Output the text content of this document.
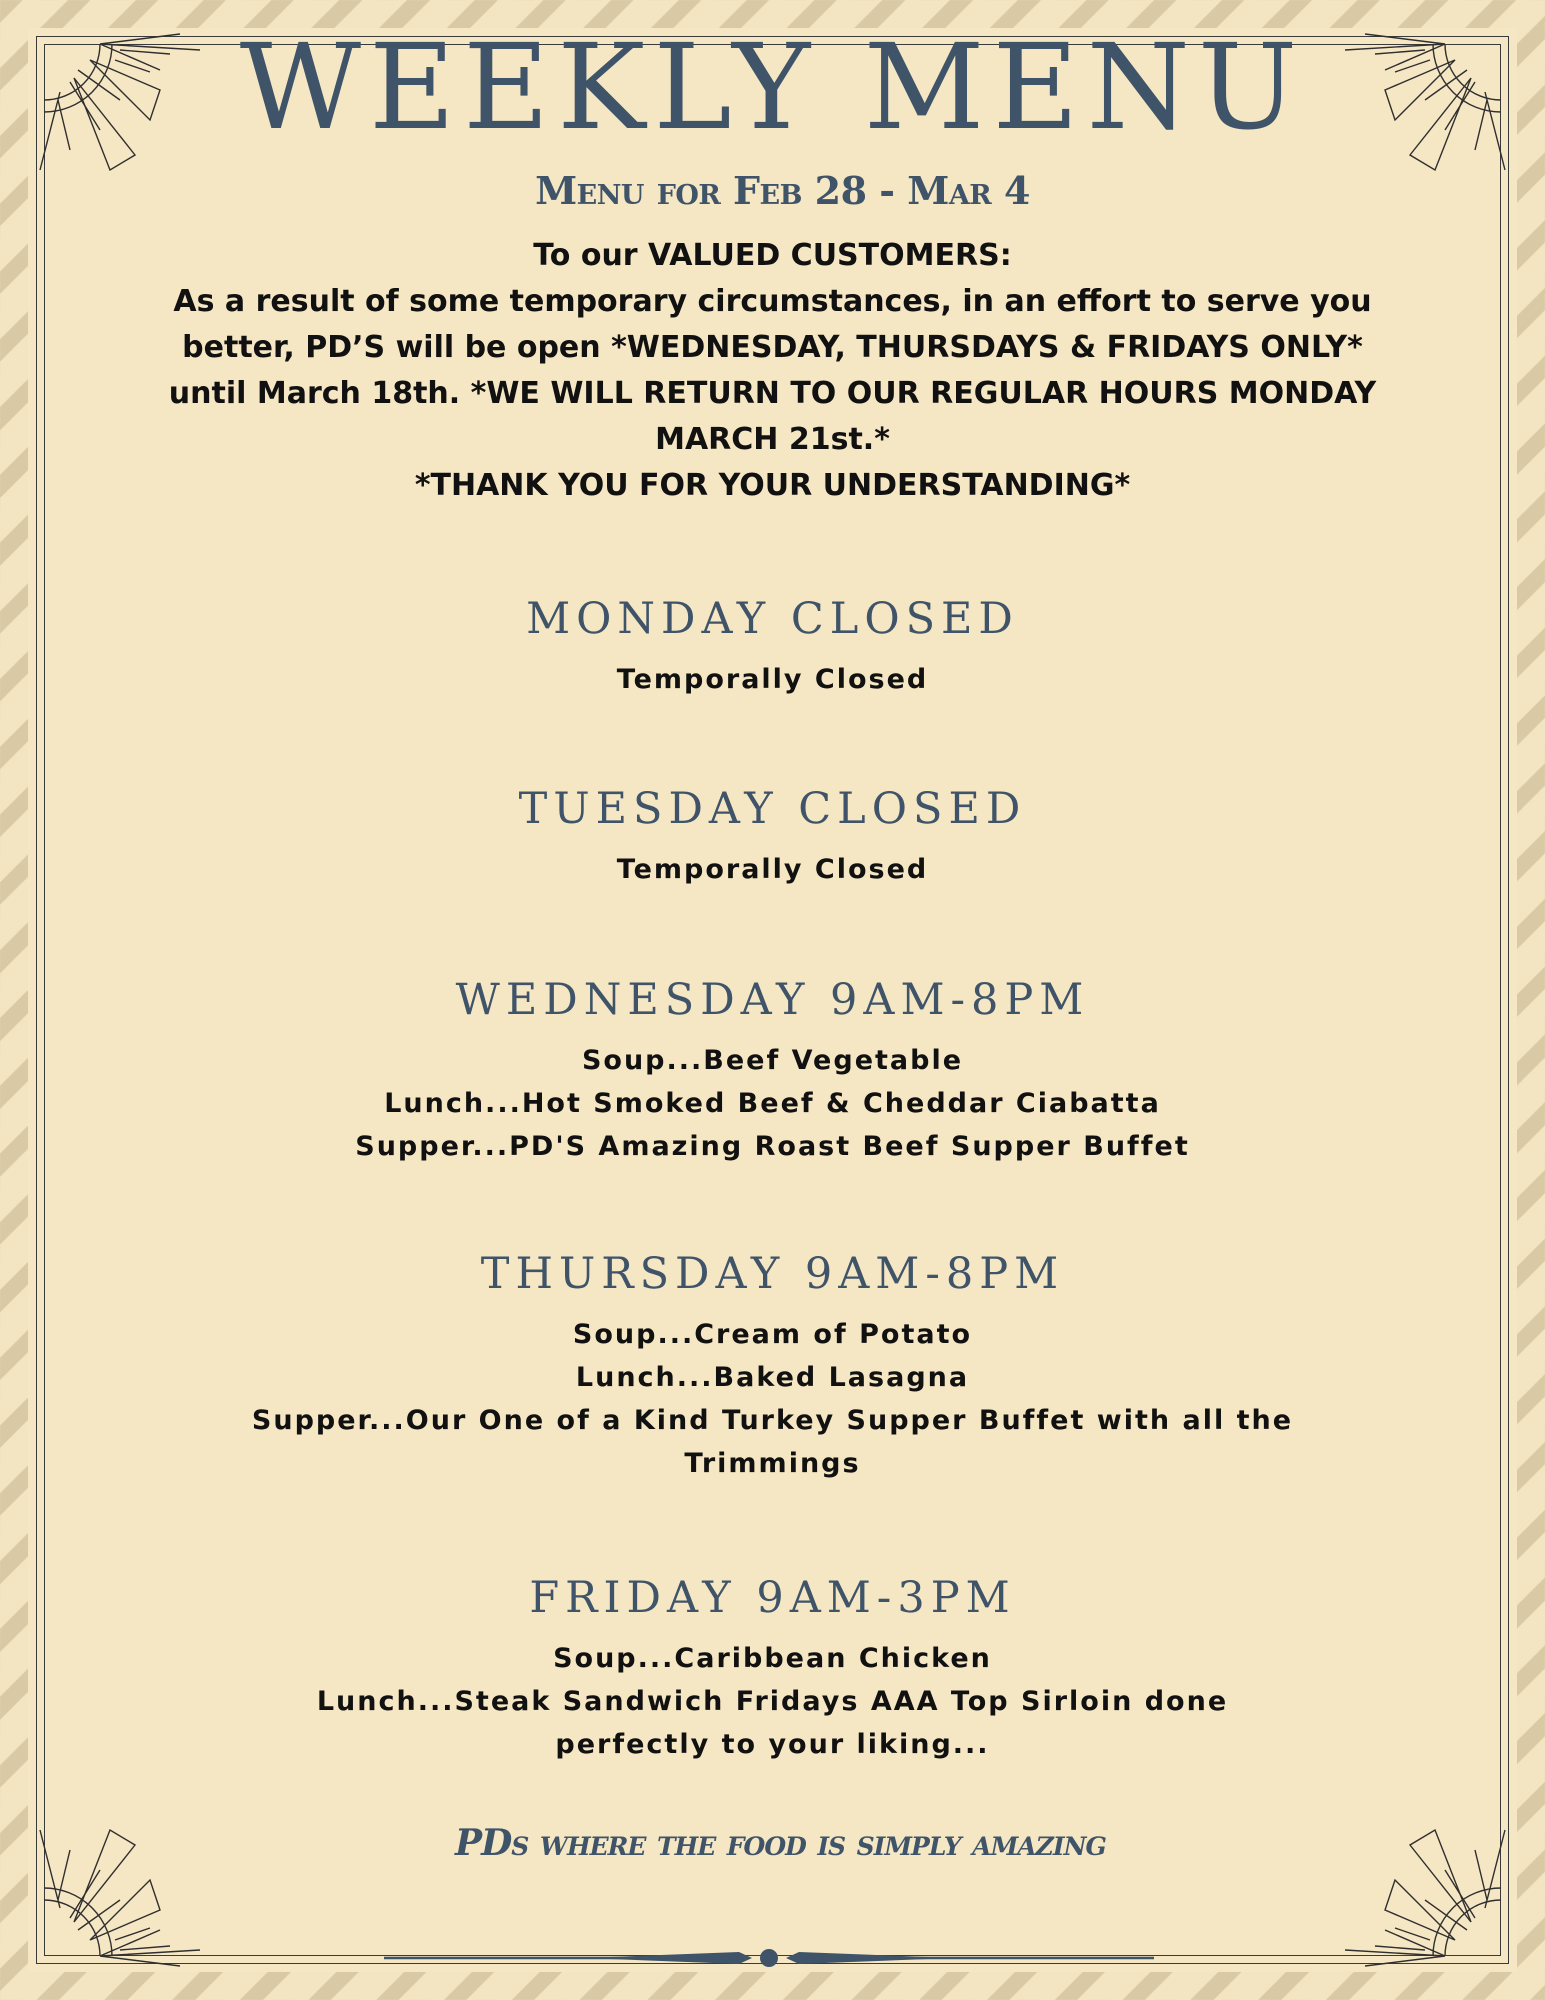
WEEKLY MENU
Menu for Feb 28 - Mar 4
To our VALUED CUSTOMERS:
As a result of some temporary circumstances, in an effort to serve you
better, PD’S will be open *WEDNESDAY, THURSDAYS & FRIDAYS ONLY*
until March 18th. *WE WILL RETURN TO OUR REGULAR HOURS MONDAY
MARCH 21st.*
*THANK YOU FOR YOUR UNDERSTANDING*
MONDAY CLOSED
Temporally Closed
TUESDAY CLOSED
Temporally Closed
WEDNESDAY 9AM-8PM
Soup...Beef Vegetable
Lunch...Hot Smoked Beef & Cheddar Ciabatta
Supper...PD'S Amazing Roast Beef Supper Buffet
THURSDAY 9AM-8PM
Soup...Cream of Potato
Lunch...Baked Lasagna
Supper...Our One of a Kind Turkey Supper Buffet with all the
Trimmings
FRIDAY 9AM-3PM
Soup...Caribbean Chicken
Lunch...Steak Sandwich Fridays AAA Top Sirloin done
perfectly to your liking...
PDs where the food is simply amazing
